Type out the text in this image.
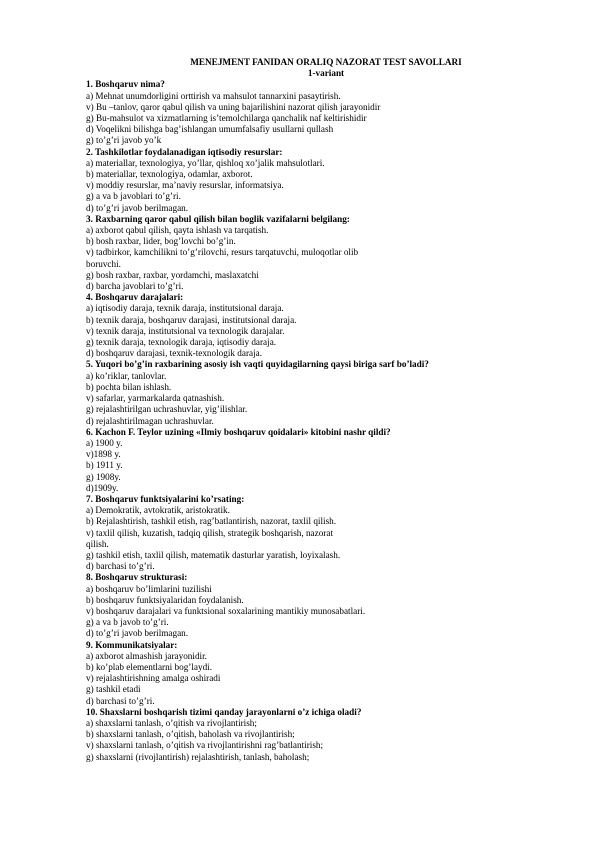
MENEJMENT FANIDAN ORALIQ NAZORAT TEST SAVOLLARI
1-variant
1. Boshqaruv nima?
a) Mehnat unumdorligini orttirish va mahsulot tannarxini pasaytirish.
v) Bu –tanlov, qaror qabul qilish va uning bajarilishini nazorat qilish jarayonidir
g) Bu-mahsulot va xizmatlarning is’temolchilarga qanchalik naf keltirishidir
d) Voqelikni bilishga bag’ishlangan umumfalsafiy usullarni qullash
g) to’g’ri javob yo’k
2. Tashkilotlar foydalanadigan iqtisodiy resurslar:
a) materiallar, texnologiya, yo’llar, qishloq xo’jalik mahsulotlari.
b) materiallar, texnologiya, odamlar, axborot.
v) moddiy resurslar, ma’naviy resurslar, informatsiya.
g) a va b javoblari to’g’ri.
d) to’g’ri javob berilmagan.
3. Raxbarning qaror qabul qilish bilan boglik vazifalarni belgilang:
a) axborot qabul qilish, qayta ishlash va tarqatish.
b) bosh raxbar, lider, bog’lovchi bo’g’in.
v) tadbirkor, kamchilikni to’g’rilovchi, resurs tarqatuvchi, muloqotlar olib
boruvchi.
g) bosh raxbar, raxbar, yordamchi, maslaxatchi
d) barcha javoblari to’g’ri.
4. Boshqaruv darajalari:
a) iqtisodiy daraja, texnik daraja, institutsional daraja.
b) texnik daraja, boshqaruv darajasi, institutsional daraja.
v) texnik daraja, institutsional va texnologik darajalar.
g) texnik daraja, texnologik daraja, iqtisodiy daraja.
d) boshqaruv darajasi, texnik-texnologik daraja.
5. Yuqori bo’g’in raxbarining asosiy ish vaqti quyidagilarning qaysi biriga sarf bo’ladi?
a) ko’riklar, tanlovlar.
b) pochta bilan ishlash.
v) safarlar, yarmarkalarda qatnashish.
g) rejalashtirilgan uchrashuvlar, yig’ilishlar.
d) rejalashtirilmagan uchrashuvlar.
6. Kachon F. Teylor uzining «Ilmiy boshqaruv qoidalari» kitobini nashr qildi?
a) 1900 y.
v)1898 y.
b) 1911 y.
g) 1908y.
d)1909y.
7. Boshqaruv funktsiyalarini ko’rsating:
a) Demokratik, avtokratik, aristokratik.
b) Rejalashtirish, tashkil etish, rag’batlantirish, nazorat, taxlil qilish.
v) taxlil qilish, kuzatish, tadqiq qilish, strategik boshqarish, nazorat
qilish.
g) tashkil etish, taxlil qilish, matematik dasturlar yaratish, loyixalash.
d) barchasi to’g’ri.
8. Boshqaruv strukturasi:
a) boshqaruv bo’limlarini tuzilishi
b) boshqaruv funktsiyalaridan foydalanish.
v) boshqaruv darajalari va funktsional soxalarining mantikiy munosabatlari.
g) a va b javob to’g’ri.
d) to’g’ri javob berilmagan.
9. Kommunikatsiyalar:
a) axborot almashish jarayonidir.
b) ko’plab elementlarni bog’laydi.
v) rejalashtirishning amalga oshiradi
g) tashkil etadi
d) barchasi to’g’ri.
10. Shaxslarni boshqarish tizimi qanday jarayonlarni o’z ichiga oladi?
a) shaxslarni tanlash, o’qitish va rivojlantirish;
b) shaxslarni tanlash, o’qitish, baholash va rivojlantirish;
v) shaxslarni tanlash, o’qitish va rivojlantirishni rag’batlantirish;
g) shaxslarni (rivojlantirish) rejalashtirish, tanlash, baholash;
